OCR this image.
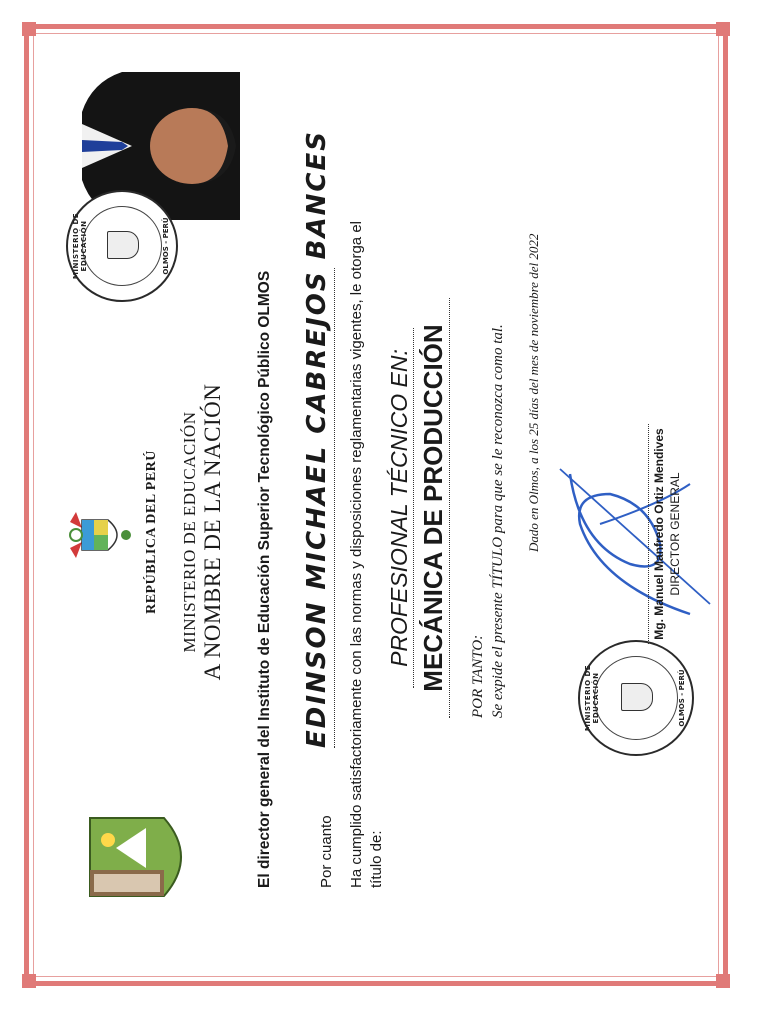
REPÚBLICA DEL PERÚ MINISTERIO DE EDUCACIÓN A NOMBRE DE LA NACIÓN
MINISTERIO DE EDUCACIÓN	OLMOS - PERÚ
El director general del Instituto de Educación Superior Tecnológico Público OLMOS	Por cuanto
EDINSON MICHAEL CABREJOS BANCES Ha cumplido satisfactoriamente con las normas y disposiciones reglamentarias vigentes, le otorga el título de:
PROFESIONAL TÉCNICO EN: MECÁNICA DE PRODUCCIÓN POR TANTO: Se expide el presente TÍTULO para que se le reconozca como tal. Dado en Olmos, a los 25 días del mes de noviembre del 2022
MINISTERIO DE EDUCACIÓN	OLMOS - PERÚ
Mg. Manuel Manfredo Ortiz Mendives DIRECTOR GENERAL
